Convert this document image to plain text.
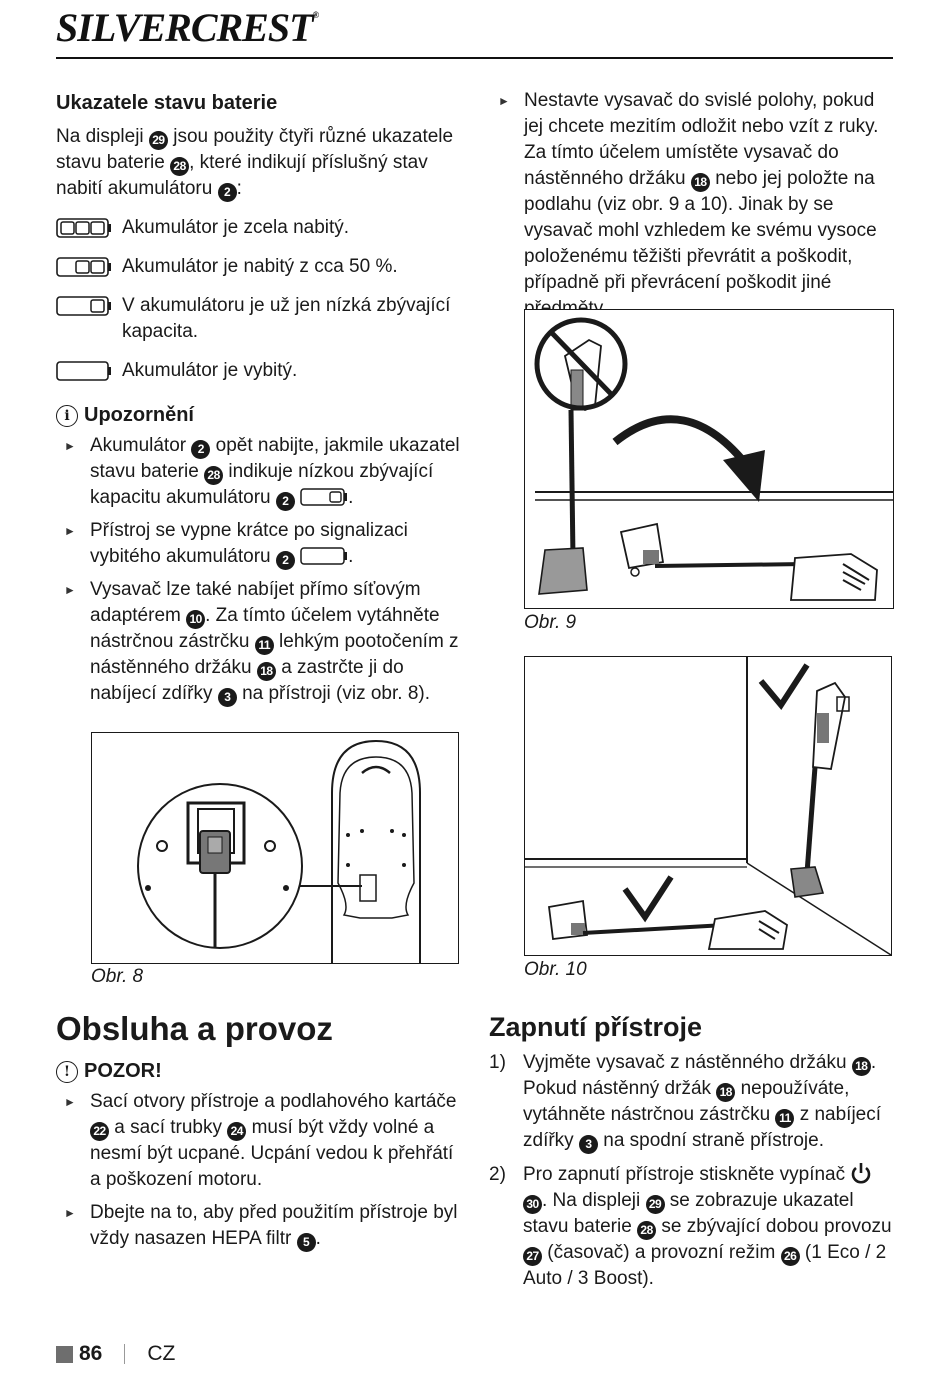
SILVERCREST®
Ukazatele stavu baterie

Na displeji 29 jsou použity čtyři různé ukazatele stavu baterie 28 , které indikují příslušný stav nabití akumulátoru 2 :

Akumulátor je zcela nabitý.
Akumulátor je nabitý z cca 50 %.
V akumulátoru je už jen nízká zbývající kapacita.
Akumulátor je vybitý.
i Upozornění
► Akumulátor 2 opět nabijte, jakmile ukazatel stavu baterie 28 indikuje nízkou zbývající kapacitu akumulátoru 2	.
► Přístroj se vypne krátce po signalizaci vybitého akumulátoru 2	.
► Vysavač lze také nabíjet přímo síťovým adaptérem 10 . Za tímto účelem vytáhněte nástrčnou zástrčku 11 lehkým pootočením z nástěnného držáku 18 a zastrčte ji do nabíjecí zdířky 3 na přístroji (viz obr. 8).
Obr. 8
Obsluha a provoz
! POZOR!
► Sací otvory přístroje a podlahového kartáče 22 a sací trubky 24 musí být vždy volné a nesmí být ucpané. Ucpání vedou k přehřátí a poškození motoru.
► Dbejte na to, aby před použitím přístroje byl vždy nasazen HEPA filtr 5 .
► Nestavte vysavač do svislé polohy, pokud jej chcete mezitím odložit nebo vzít z ruky. Za tímto účelem umístěte vysavač do nástěnného držáku 18 nebo jej položte na podlahu (viz obr. 9 a 10). Jinak by se vysavač mohl vzhledem ke svému vysoce položenému těžišti převrátit a poškodit, případně při převrácení poškodit jiné
Obr. 9
Obr. 10
Zapnutí přístroje
1) Vyjměte vysavač z nástěnného držáku 18 . Pokud nástěnný držák 18 nepoužíváte, vytáhněte nástrčnou zástrčku 11 z nabíjecí zdířky 3 na spodní straně přístroje.
2) Pro zapnutí přístroje stiskněte vypínač  30 . Na displeji 29 se zobrazuje ukazatel stavu baterie 28 se zbývající dobou provozu 27 (časovač) a provozní režim 26 (1 Eco / 2 Auto / 3 Boost).
86 CZ
